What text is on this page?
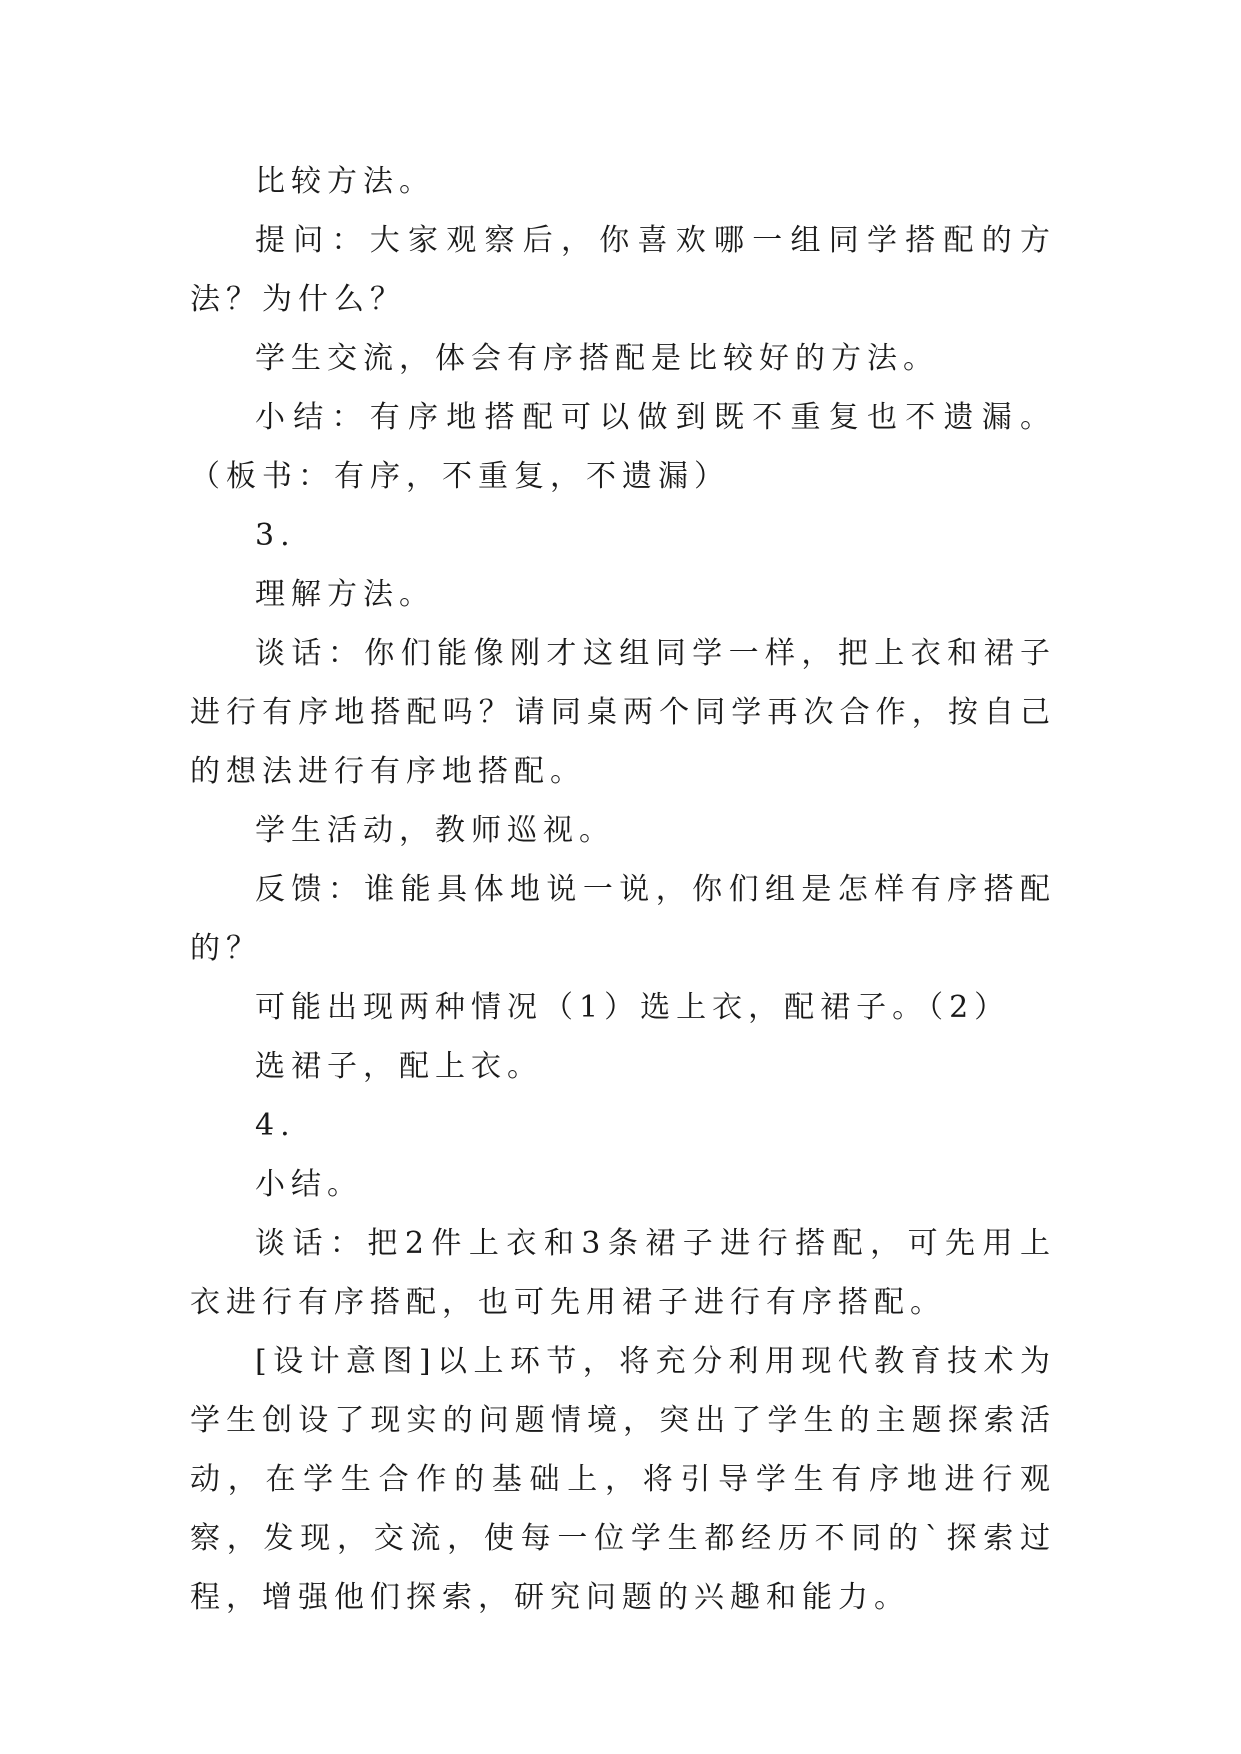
比较方法。

提问：大家观察后，你喜欢哪一组同学搭配的方法？为什么？

学生交流，体会有序搭配是比较好的方法。

小结：有序地搭配可以做到既不重复也不遗漏。（板书：有序，不重复，不遗漏）

3.

理解方法。

谈话：你们能像刚才这组同学一样，把上衣和裙子进行有序地搭配吗？请同桌两个同学再次合作，按自己的想法进行有序地搭配。

学生活动，教师巡视。

反馈：谁能具体地说一说，你们组是怎样有序搭配的？

可能出现两种情况（1）选上衣，配裙子。（2）

选裙子，配上衣。

4.

小结。

谈话：把2件上衣和3条裙子进行搭配，可先用上衣进行有序搭配，也可先用裙子进行有序搭配。

[设计意图]以上环节，将充分利用现代教育技术为学生创设了现实的问题情境，突出了学生的主题探索活动，在学生合作的基础上，将引导学生有序地进行观察，发现，交流，使每一位学生都经历不同的`探索过程，增强他们探索，研究问题的兴趣和能力。
